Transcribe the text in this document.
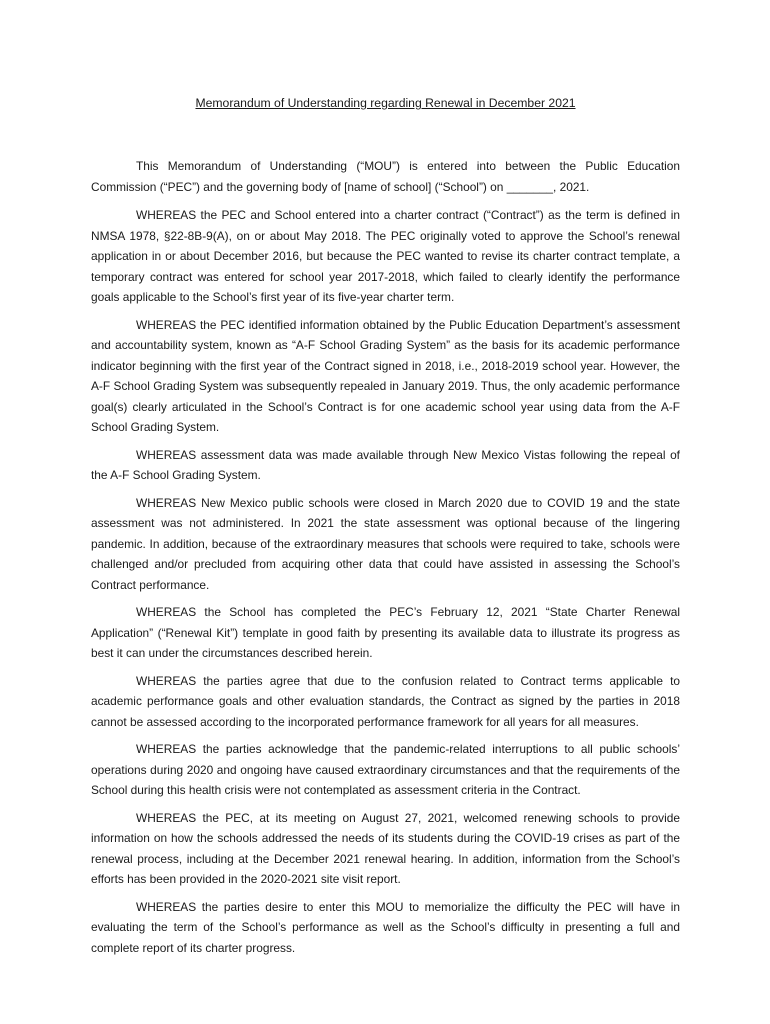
Memorandum of Understanding regarding Renewal in December 2021

This Memorandum of Understanding (“MOU”) is entered into between the Public Education Commission (“PEC”) and the governing body of [name of school] (“School”) on _______, 2021.

WHEREAS the PEC and School entered into a charter contract (“Contract”) as the term is defined in NMSA 1978, §22-8B-9(A), on or about May 2018. The PEC originally voted to approve the School’s renewal application in or about December 2016, but because the PEC wanted to revise its charter contract template, a temporary contract was entered for school year 2017-2018, which failed to clearly identify the performance goals applicable to the School’s first year of its five-year charter term.

WHEREAS the PEC identified information obtained by the Public Education Department’s assessment and accountability system, known as “A-F School Grading System” as the basis for its academic performance indicator beginning with the first year of the Contract signed in 2018, i.e., 2018-2019 school year. However, the A-F School Grading System was subsequently repealed in January 2019. Thus, the only academic performance goal(s) clearly articulated in the School’s Contract is for one academic school year using data from the A-F School Grading System.

WHEREAS assessment data was made available through New Mexico Vistas following the repeal of the A-F School Grading System.

WHEREAS New Mexico public schools were closed in March 2020 due to COVID 19 and the state assessment was not administered. In 2021 the state assessment was optional because of the lingering pandemic. In addition, because of the extraordinary measures that schools were required to take, schools were challenged and/or precluded from acquiring other data that could have assisted in assessing the School’s Contract performance.

WHEREAS the School has completed the PEC’s February 12, 2021 “State Charter Renewal Application” (“Renewal Kit”) template in good faith by presenting its available data to illustrate its progress as best it can under the circumstances described herein.

WHEREAS the parties agree that due to the confusion related to Contract terms applicable to academic performance goals and other evaluation standards, the Contract as signed by the parties in 2018 cannot be assessed according to the incorporated performance framework for all years for all measures.

WHEREAS the parties acknowledge that the pandemic-related interruptions to all public schools’ operations during 2020 and ongoing have caused extraordinary circumstances and that the requirements of the School during this health crisis were not contemplated as assessment criteria in the Contract.

WHEREAS the PEC, at its meeting on August 27, 2021, welcomed renewing schools to provide information on how the schools addressed the needs of its students during the COVID-19 crises as part of the renewal process, including at the December 2021 renewal hearing. In addition, information from the School’s efforts has been provided in the 2020-2021 site visit report.

WHEREAS the parties desire to enter this MOU to memorialize the difficulty the PEC will have in evaluating the term of the School’s performance as well as the School’s difficulty in presenting a full and complete report of its charter progress.
